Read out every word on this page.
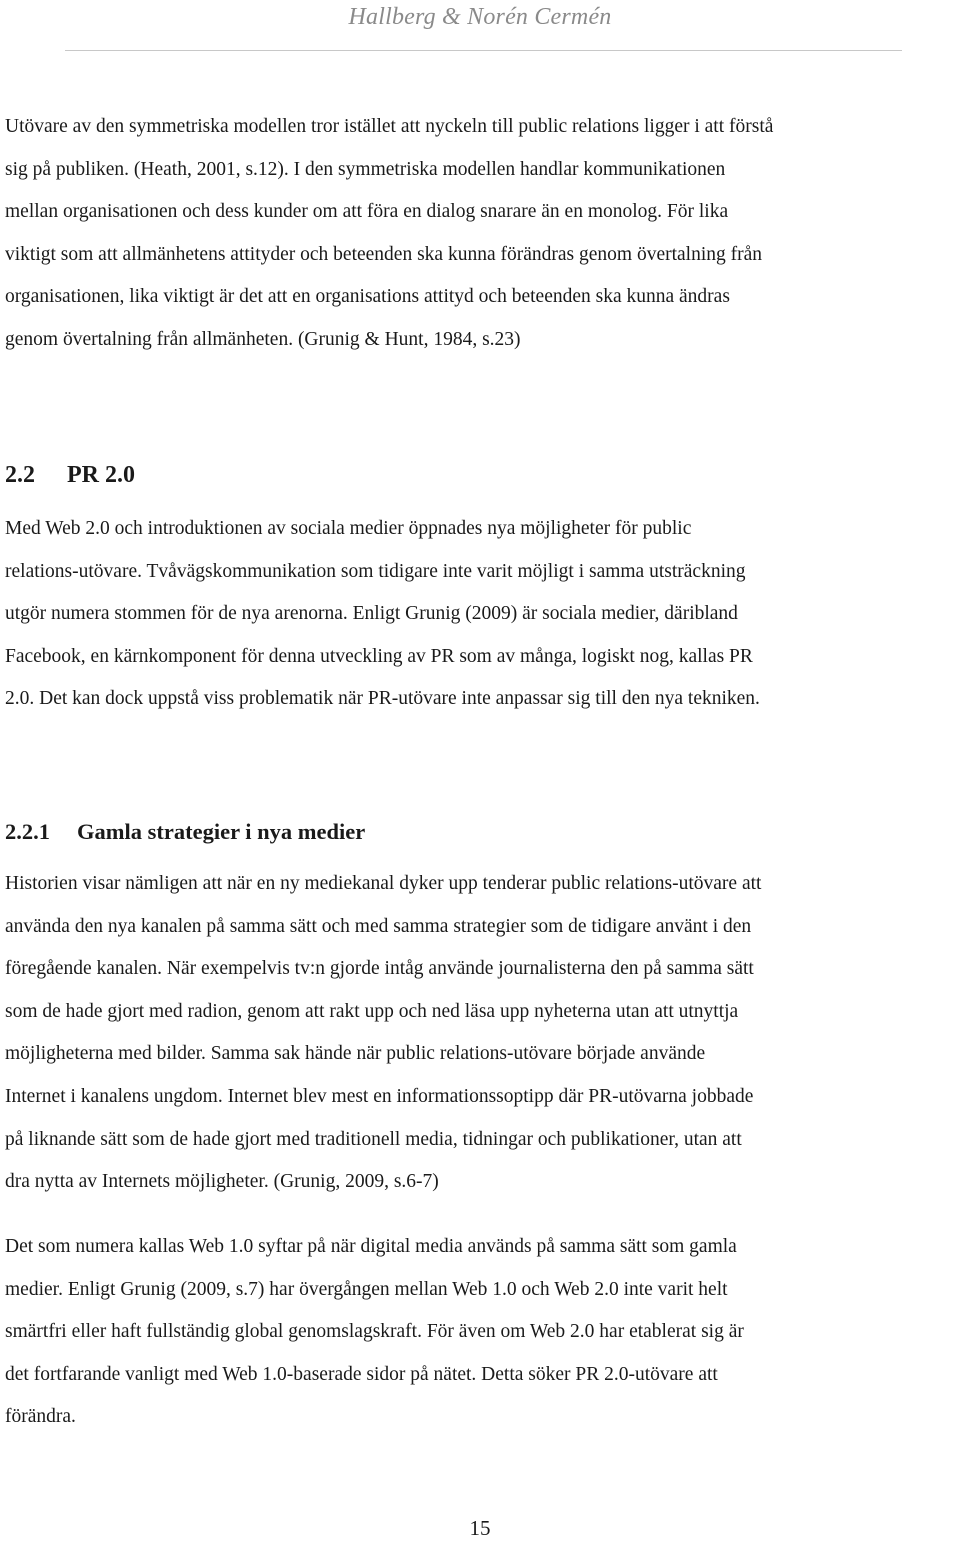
Hallberg & Norén Cermén

Utövare av den symmetriska modellen tror istället att nyckeln till public relations ligger i att förstå
sig på publiken. (Heath, 2001, s.12). I den symmetriska modellen handlar kommunikationen
mellan organisationen och dess kunder om att föra en dialog snarare än en monolog. För lika
viktigt som att allmänhetens attityder och beteenden ska kunna förändras genom övertalning från
organisationen, lika viktigt är det att en organisations attityd och beteenden ska kunna ändras
genom övertalning från allmänheten. (Grunig & Hunt, 1984, s.23)

2.2 PR 2.0

Med Web 2.0 och introduktionen av sociala medier öppnades nya möjligheter för public
relations-utövare. Tvåvägskommunikation som tidigare inte varit möjligt i samma utsträckning
utgör numera stommen för de nya arenorna. Enligt Grunig (2009) är sociala medier, däribland
Facebook, en kärnkomponent för denna utveckling av PR som av många, logiskt nog, kallas PR
2.0. Det kan dock uppstå viss problematik när PR-utövare inte anpassar sig till den nya tekniken.

2.2.1 Gamla strategier i nya medier

Historien visar nämligen att när en ny mediekanal dyker upp tenderar public relations-utövare att
använda den nya kanalen på samma sätt och med samma strategier som de tidigare använt i den
föregående kanalen. När exempelvis tv:n gjorde intåg använde journalisterna den på samma sätt
som de hade gjort med radion, genom att rakt upp och ned läsa upp nyheterna utan att utnyttja
möjligheterna med bilder. Samma sak hände när public relations-utövare började använde
Internet i kanalens ungdom. Internet blev mest en informationssoptipp där PR-utövarna jobbade
på liknande sätt som de hade gjort med traditionell media, tidningar och publikationer, utan att
dra nytta av Internets möjligheter. (Grunig, 2009, s.6-7)

Det som numera kallas Web 1.0 syftar på när digital media används på samma sätt som gamla
medier. Enligt Grunig (2009, s.7) har övergången mellan Web 1.0 och Web 2.0 inte varit helt
smärtfri eller haft fullständig global genomslagskraft. För även om Web 2.0 har etablerat sig är
det fortfarande vanligt med Web 1.0-baserade sidor på nätet. Detta söker PR 2.0-utövare att
förändra.

15
